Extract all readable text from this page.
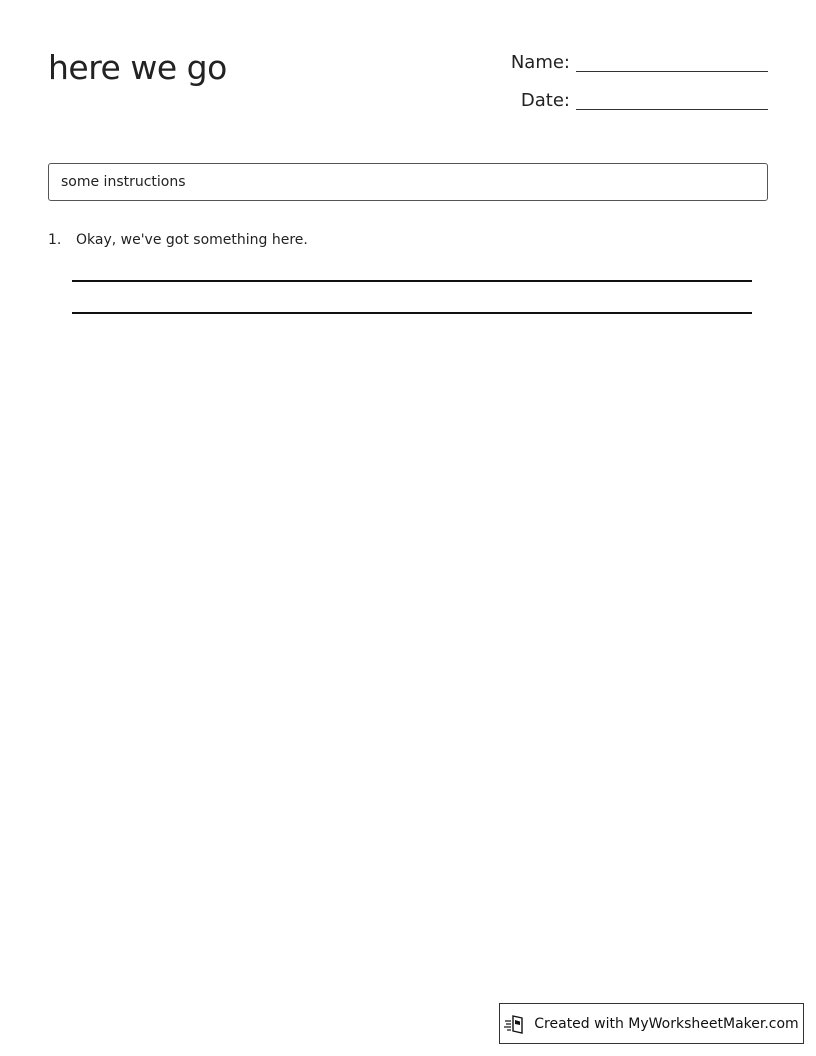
here we go	Name:
Date:
some instructions
1.	Okay, we've got something here.
Created with MyWorksheetMaker.com
